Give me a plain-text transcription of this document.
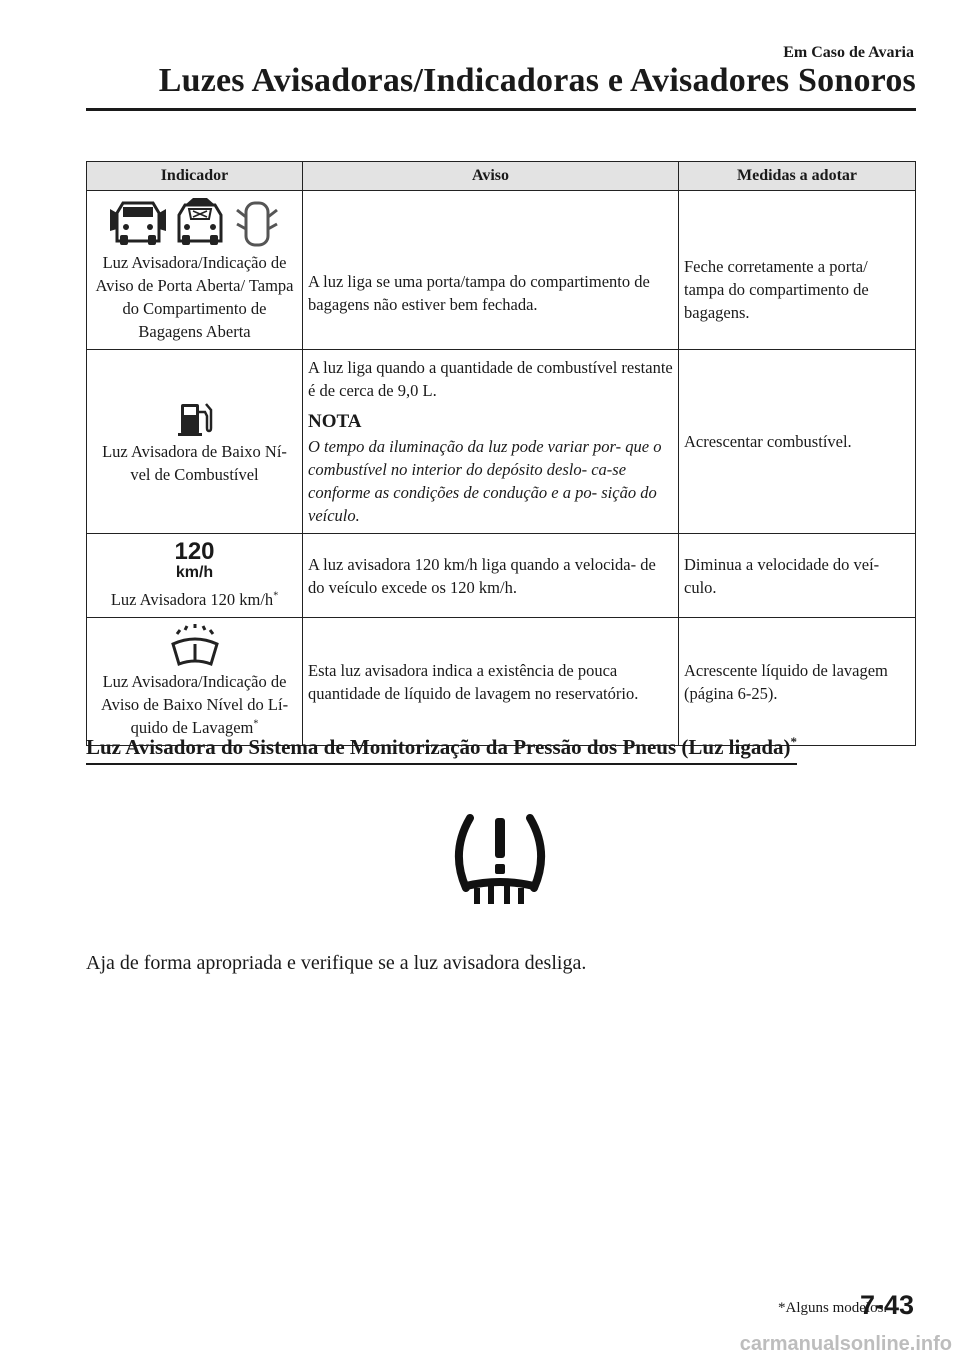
Em Caso de Avaria
Luzes Avisadoras/Indicadoras e Avisadores Sonoros
Indicador	Aviso	Medidas a adotar

Luz Avisadora/Indicação de Aviso de Porta Aberta/ Tampa do Compartimento de Bagagens Aberta	A luz liga se uma porta/tampa do compartimento de bagagens não estiver bem fechada.	Feche corretamente a porta/ tampa do compartimento de bagagens.

Luz Avisadora de Baixo Ní- vel de Combustível	A luz liga quando a quantidade de combustível restante é de cerca de 9,0 L.
NOTA
O tempo da iluminação da luz pode variar por- que o combustível no interior do depósito deslo- ca-se conforme as condições de condução e a po- sição do veículo.	Acrescentar combustível.

120
km/h
Luz Avisadora 120 km/h*	A luz avisadora 120 km/h liga quando a velocida- de do veículo excede os 120 km/h.	Diminua a velocidade do veí- culo.

Luz Avisadora/Indicação de Aviso de Baixo Nível do Lí- quido de Lavagem*	Esta luz avisadora indica a existência de pouca quantidade de líquido de lavagem no reservatório.	Acrescente líquido de lavagem (página 6-25).
Luz Avisadora do Sistema de Monitorização da Pressão dos Pneus (Luz ligada)*
Aja de forma apropriada e verifique se a luz avisadora desliga.
*Alguns modelos.
7-43
carmanualsonline.info
